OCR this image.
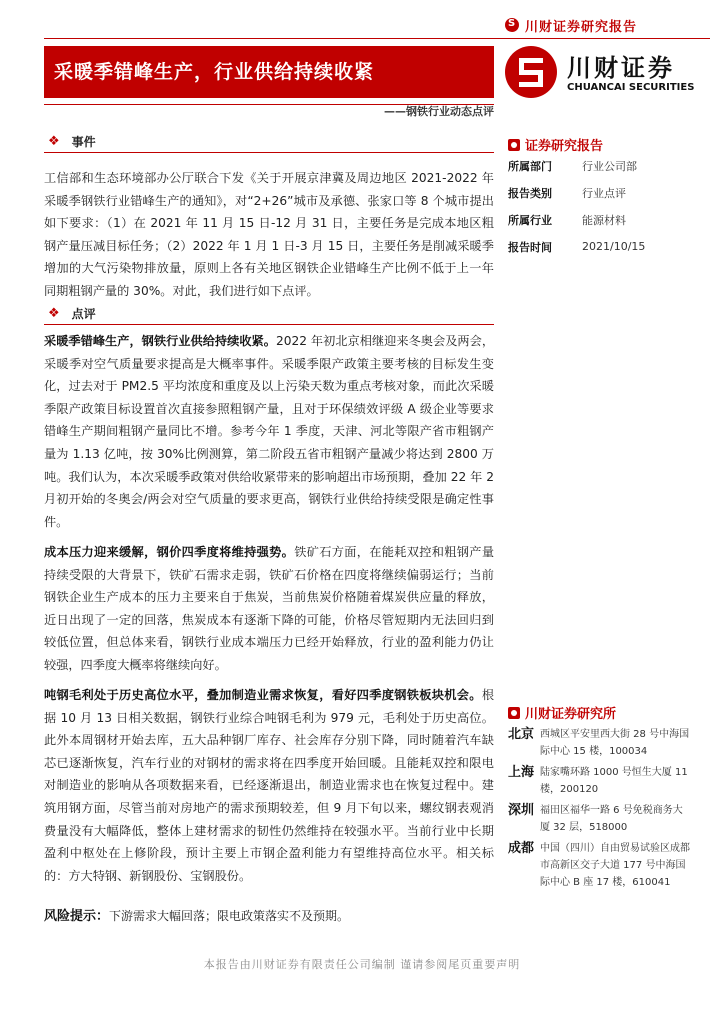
S
川财证券研究报告
采暖季错峰生产，行业供给持续收紧
——钢铁行业动态点评
川财证券
CHUANCAI SECURITIES
❖ 事件
工信部和生态环境部办公厅联合下发《关于开展京津冀及周边地区 2021-2022 年采暖季钢铁行业错峰生产的通知》，对“2+26”城市及承德、张家口等 8 个城市提出如下要求：（1）在 2021 年 11 月 15 日-12 月 31 日，主要任务是完成本地区粗钢产量压减目标任务；（2）2022 年 1 月 1 日-3 月 15 日，主要任务是削减采暖季增加的大气污染物排放量，原则上各有关地区钢铁企业错峰生产比例不低于上一年同期粗钢产量的 30%。对此，我们进行如下点评。
❖ 点评
采暖季错峰生产，钢铁行业供给持续收紧。2022 年初北京相继迎来冬奥会及两会，采暖季对空气质量要求提高是大概率事件。采暖季限产政策主要考核的目标发生变化，过去对于 PM2.5 平均浓度和重度及以上污染天数为重点考核对象，而此次采暖季限产政策目标设置首次直接参照粗钢产量，且对于环保绩效评级 A 级企业等要求错峰生产期间粗钢产量同比不增。参考今年 1 季度，天津、河北等限产省市粗钢产量为 1.13 亿吨，按 30%比例测算，第二阶段五省市粗钢产量减少将达到 2800 万吨。我们认为，本次采暖季政策对供给收紧带来的影响超出市场预期，叠加 22 年 2 月初开始的冬奥会/两会对空气质量的要求更高，钢铁行业供给持续受限是确定性事件。
成本压力迎来缓解，钢价四季度将维持强势。铁矿石方面，在能耗双控和粗钢产量持续受限的大背景下，铁矿石需求走弱，铁矿石价格在四度将继续偏弱运行；当前钢铁企业生产成本的压力主要来自于焦炭，当前焦炭价格随着煤炭供应量的释放，近日出现了一定的回落，焦炭成本有逐渐下降的可能，价格尽管短期内无法回归到较低位置，但总体来看，钢铁行业成本端压力已经开始释放，行业的盈利能力仍让较强，四季度大概率将继续向好。
吨钢毛利处于历史高位水平，叠加制造业需求恢复，看好四季度钢铁板块机会。根据 10 月 13 日相关数据，钢铁行业综合吨钢毛利为 979 元，毛利处于历史高位。此外本周钢材开始去库，五大品种钢厂库存、社会库存分别下降，同时随着汽车缺芯已逐渐恢复，汽车行业的对钢材的需求将在四季度开始回暖。且能耗双控和限电对制造业的影响从各项数据来看，已经逐渐退出，制造业需求也在恢复过程中。建筑用钢方面，尽管当前对房地产的需求预期较差，但 9 月下旬以来，螺纹钢表观消费量没有大幅降低，整体上建材需求的韧性仍然维持在较强水平。当前行业中长期盈利中枢处在上修阶段，预计主要上市钢企盈利能力有望维持高位水平。相关标的：方大特钢、新钢股份、宝钢股份。
风险提示：下游需求大幅回落；限电政策落实不及预期。
证券研究报告
所属部门	行业公司部
报告类别	行业点评
所属行业	能源材料
报告时间	2021/10/15
川财证券研究所
北京 西城区平安里西大街 28 号中海国际中心 15 楼，100034
上海 陆家嘴环路 1000 号恒生大厦 11 楼，200120
深圳 福田区福华一路 6 号免税商务大厦 32 层，518000
成都 中国（四川）自由贸易试验区成都市高新区交子大道 177 号中海国际中心 B 座 17 楼，610041
本报告由川财证券有限责任公司编制 谨请参阅尾页重要声明
